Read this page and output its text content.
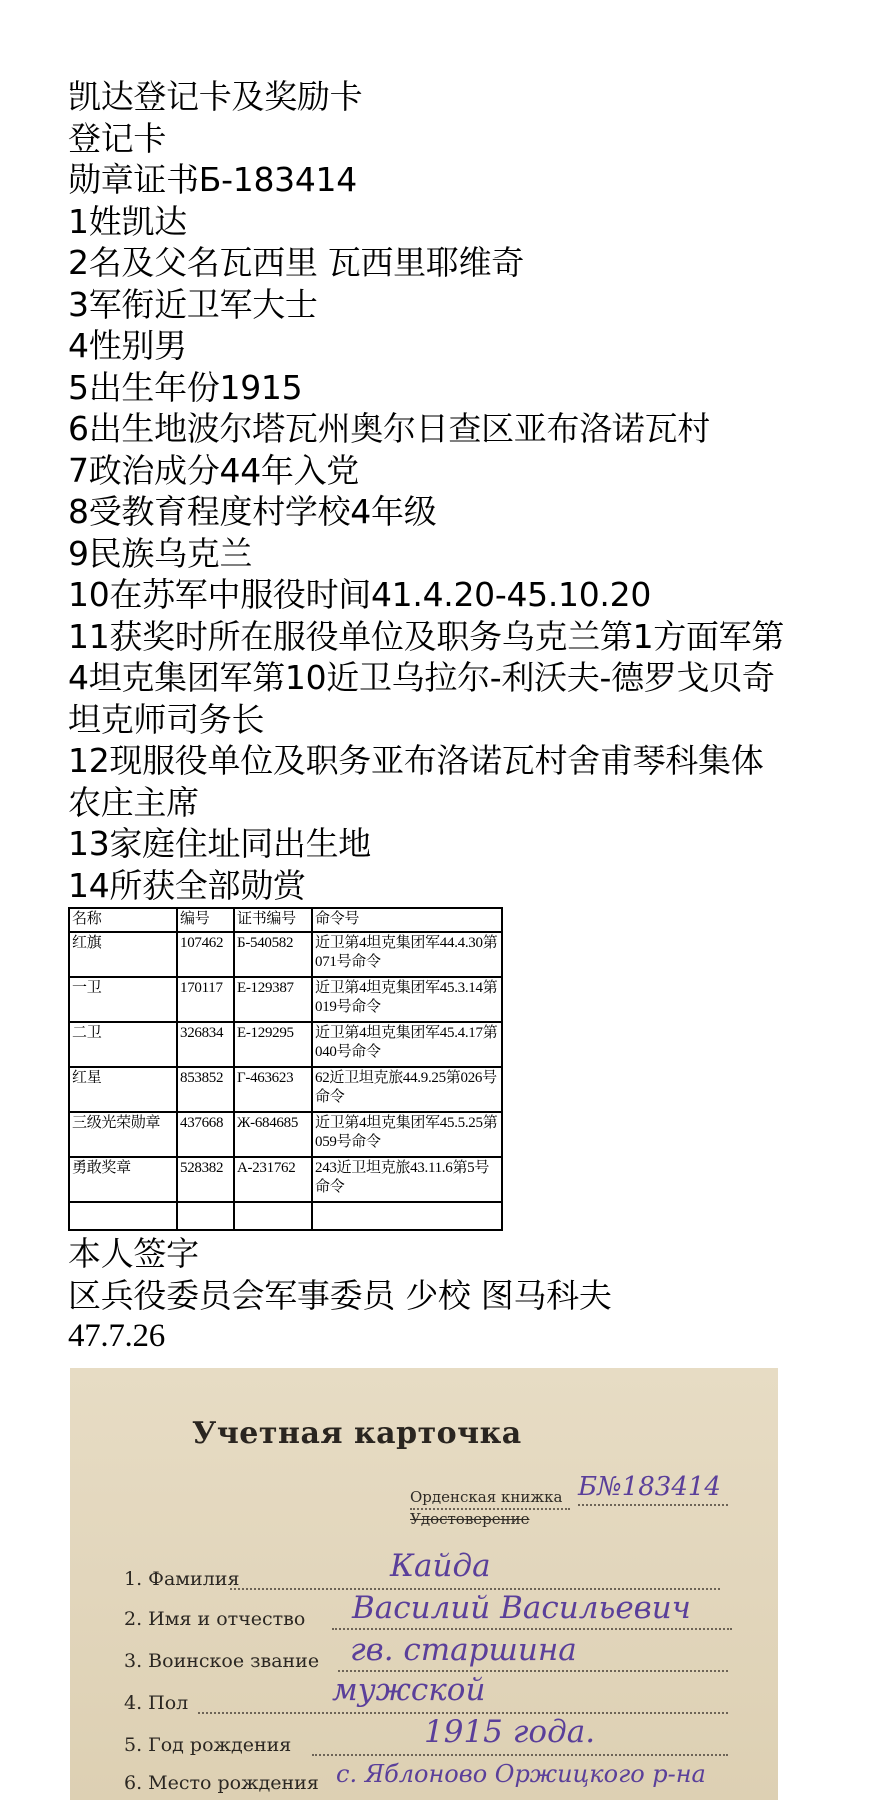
凯达登记卡及奖励卡
登记卡
勋章证书Б-183414
1姓凯达
2名及父名瓦西里 瓦西里耶维奇
3军衔近卫军大士
4性别男
5出生年份1915
6出生地波尔塔瓦州奥尔日查区亚布洛诺瓦村
7政治成分44年入党
8受教育程度村学校4年级
9民族乌克兰
10在苏军中服役时间41.4.20-45.10.20
11获奖时所在服役单位及职务乌克兰第1方面军第4坦克集团军第10近卫乌拉尔-利沃夫-德罗戈贝奇坦克师司务长
12现服役单位及职务亚布洛诺瓦村舍甫琴科集体农庄主席
13家庭住址同出生地
14所获全部勋赏
名称	编号	证书编号	命令号
红旗	107462	Б-540582	近卫第4坦克集团军44.4.30第071号命令
一卫	170117	Е-129387	近卫第4坦克集团军45.3.14第019号命令
二卫	326834	Е-129295	近卫第4坦克集团军45.4.17第040号命令
红星	853852	Г-463623	62近卫坦克旅44.9.25第026号命令
三级光荣勋章	437668	Ж-684685	近卫第4坦克集团军45.5.25第059号命令
勇敢奖章	528382	А-231762	243近卫坦克旅43.11.6第5号命令

本人签字
区兵役委员会军事委员 少校 图马科夫
47.7.26
Учетная карточка
Орденская книжка
Удостоверение
Б№183414
1. Фамилия	Кайда
2. Имя и отчество Василий Васильевич
3. Воинское звание гв. старшина
4. Пол	мужской
5. Год рождения	1915 года.
6. Место рождения с. Яблоново Оржицкого р-на
